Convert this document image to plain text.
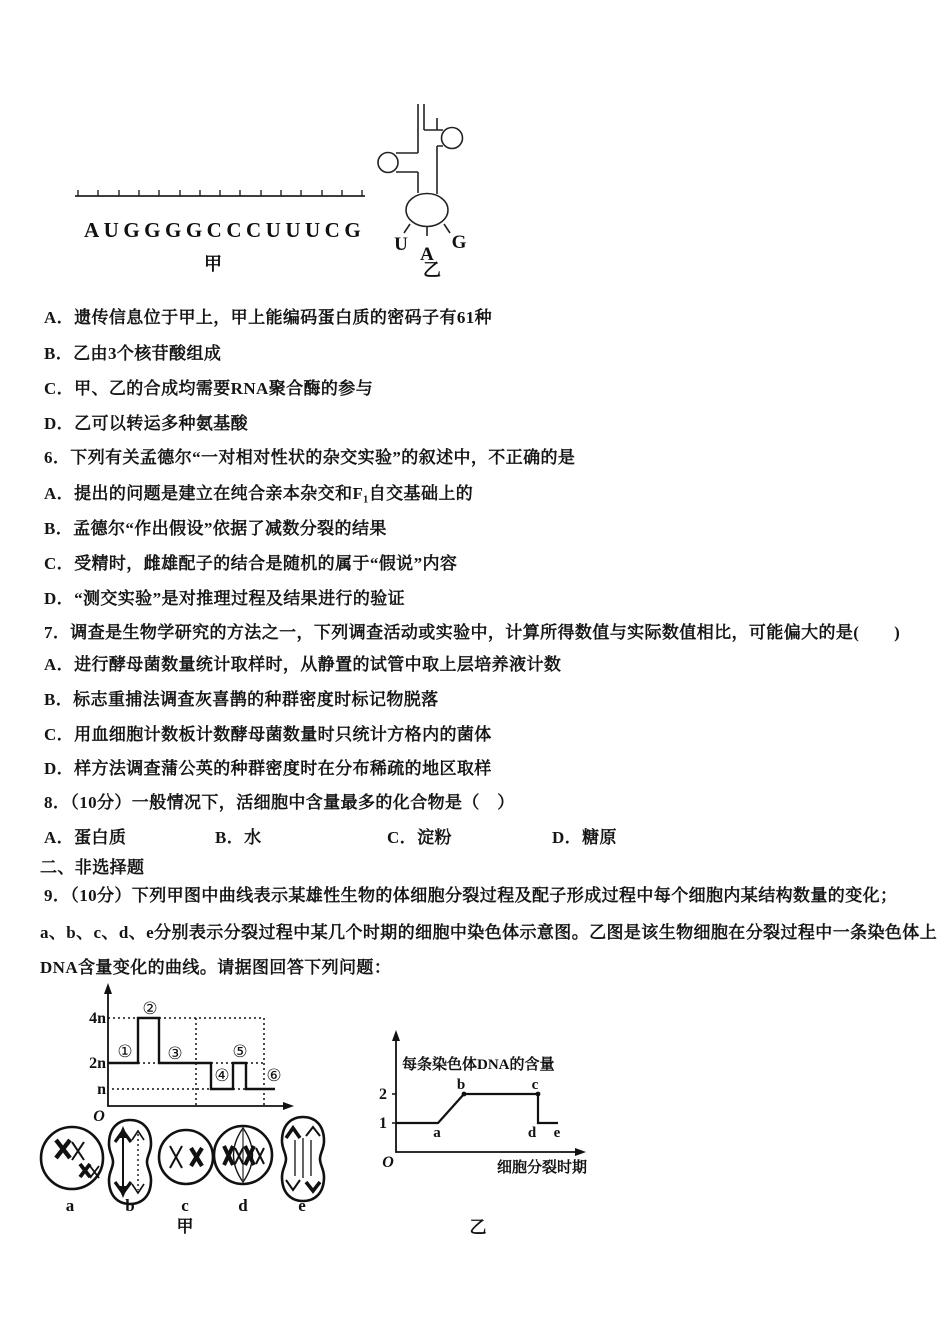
AUGGGGCCCUUUCG
甲
U A
G
乙
A．遗传信息位于甲上，甲上能编码蛋白质的密码子有61种
B．乙由3个核苷酸组成
C．甲、乙的合成均需要RNA聚合酶的参与
D．乙可以转运多种氨基酸
6．下列有关孟德尔“一对相对性状的杂交实验”的叙述中，不正确的是
A．提出的问题是建立在纯合亲本杂交和F₁自交基础上的
B．孟德尔“作出假设”依据了减数分裂的结果
C．受精时，雌雄配子的结合是随机的属于“假说”内容
D．“测交实验”是对推理过程及结果进行的验证
7．调查是生物学研究的方法之一，下列调查活动或实验中，计算所得数值与实际数值相比，可能偏大的是(　　)
A．进行酵母菌数量统计取样时，从静置的试管中取上层培养液计数
B．标志重捕法调查灰喜鹊的种群密度时标记物脱落
C．用血细胞计数板计数酵母菌数量时只统计方格内的菌体
D．样方法调查蒲公英的种群密度时在分布稀疏的地区取样
8．（10分）一般情况下，活细胞中含量最多的化合物是（　）
A．蛋白质	B．水	C．淀粉	D．糖原
二、非选择题
9．（10分）下列甲图中曲线表示某雄性生物的体细胞分裂过程及配子形成过程中每个细胞内某结构数量的变化；
a、b、c、d、e分别表示分裂过程中某几个时期的细胞中染色体示意图。乙图是该生物细胞在分裂过程中一条染色体上
DNA含量变化的曲线。请据图回答下列问题：
4n
2n
n
O
①
②
③
④
⑤
⑥
a	b	c	d	e
甲
每条染色体DNA的含量
2
1
O
a
b	c
d e
细胞分裂时期
乙
